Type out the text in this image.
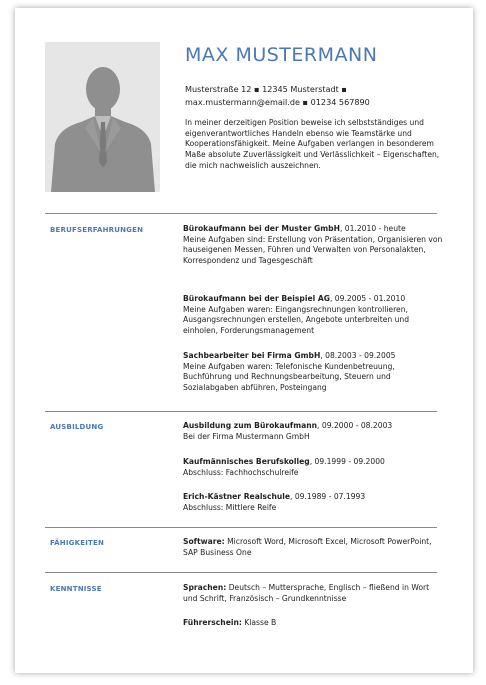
MAX MUSTERMANN
Musterstraße 12 ▪ 12345 Musterstadt ▪
max.mustermann@email.de ▪ 01234 567890
In meiner derzeitigen Position beweise ich selbstständiges und eigenverantwortliches Handeln ebenso wie Teamstärke und Kooperationsfähigkeit. Meine Aufgaben verlangen in besonderem Maße absolute Zuverlässigkeit und Verlässlichkeit – Eigenschaften, die mich nachweislich auszeichnen.
BERUFSERFAHRUNGEN	Bürokaufmann bei der Muster GmbH, 01.2010 - heute
Meine Aufgaben sind: Erstellung von Präsentation, Organisieren von hauseigenen Messen, Führen und Verwalten von Personalakten, Korrespondenz und Tagesgeschäft
Bürokaufmann bei der Beispiel AG, 09.2005 - 01.2010
Meine Aufgaben waren: Eingangsrechnungen kontrollieren, Ausgangsrechnungen erstellen, Angebote unterbreiten und einholen, Forderungsmanagement
Sachbearbeiter bei Firma GmbH, 08.2003 - 09.2005
Meine Aufgaben waren: Telefonische Kundenbetreuung, Buchführung und Rechnungsbearbeitung, Steuern und Sozialabgaben abführen, Posteingang
AUSBILDUNG	Ausbildung zum Bürokaufmann, 09.2000 - 08.2003
Bei der Firma Mustermann GmbH
Kaufmännisches Berufskolleg, 09.1999 - 09.2000
Abschluss: Fachhochschulreife
Erich-Kästner Realschule, 09.1989 - 07.1993
Abschluss: Mittlere Reife
FÄHIGKEITEN	Software: Microsoft Word, Microsoft Excel, Microsoft PowerPoint, SAP Business One
KENNTNISSE	Sprachen: Deutsch – Muttersprache, Englisch – fließend in Wort und Schrift, Französisch – Grundkenntnisse
Führerschein: Klasse B
